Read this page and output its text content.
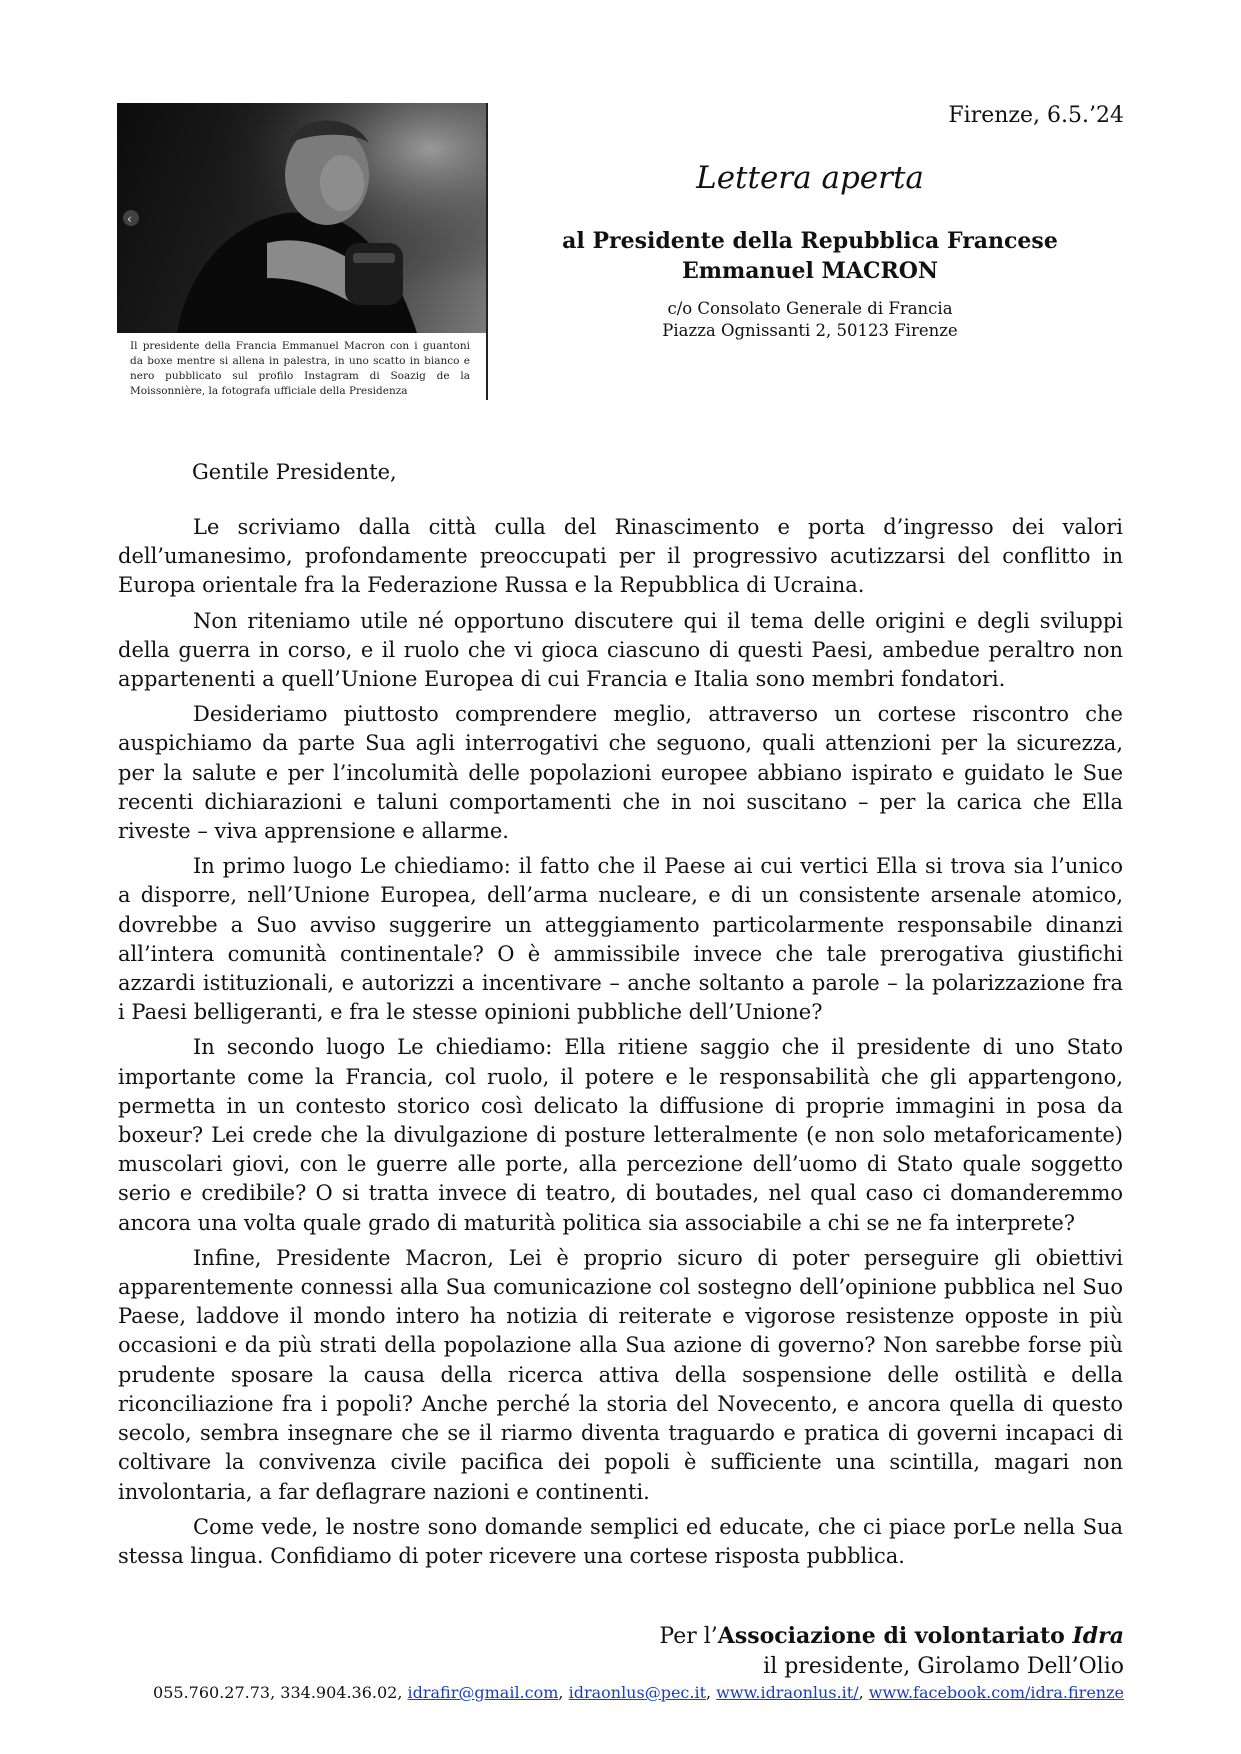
‹
Il presidente della Francia Emmanuel Macron con i guantoni da boxe mentre si allena in palestra, in uno scatto in bianco e nero pubblicato sul profilo Instagram di Soazig de la Moissonnière, la fotografa ufficiale della Presidenza
Firenze, 6.5.’24
Lettera aperta
al Presidente della Repubblica Francese
Emmanuel MACRON
c/o Consolato Generale di Francia
Piazza Ognissanti 2, 50123 Firenze
Gentile Presidente,

Le scriviamo dalla città culla del Rinascimento e porta d’ingresso dei valori dell’umanesimo, profondamente preoccupati per il progressivo acutizzarsi del conflitto in Europa orientale fra la Federazione Russa e la Repubblica di Ucraina.

Non riteniamo utile né opportuno discutere qui il tema delle origini e degli sviluppi della guerra in corso, e il ruolo che vi gioca ciascuno di questi Paesi, ambedue peraltro non appartenenti a quell’Unione Europea di cui Francia e Italia sono membri fondatori.

Desideriamo piuttosto comprendere meglio, attraverso un cortese riscontro che auspichiamo da parte Sua agli interrogativi che seguono, quali attenzioni per la sicurezza, per la salute e per l’incolumità delle popolazioni europee abbiano ispirato e guidato le Sue recenti dichiarazioni e taluni comportamenti che in noi suscitano – per la carica che Ella riveste – viva apprensione e allarme.

In primo luogo Le chiediamo: il fatto che il Paese ai cui vertici Ella si trova sia l’unico a disporre, nell’Unione Europea, dell’arma nucleare, e di un consistente arsenale atomico, dovrebbe a Suo avviso suggerire un atteggiamento particolarmente responsabile dinanzi all’intera comunità continentale? O è ammissibile invece che tale prerogativa giustifichi azzardi istituzionali, e autorizzi a incentivare – anche soltanto a parole – la polarizzazione fra i Paesi belligeranti, e fra le stesse opinioni pubbliche dell’Unione?

In secondo luogo Le chiediamo: Ella ritiene saggio che il presidente di uno Stato importante come la Francia, col ruolo, il potere e le responsabilità che gli appartengono, permetta in un contesto storico così delicato la diffusione di proprie immagini in posa da boxeur? Lei crede che la divulgazione di posture letteralmente (e non solo metaforicamente) muscolari giovi, con le guerre alle porte, alla percezione dell’uomo di Stato quale soggetto serio e credibile? O si tratta invece di teatro, di boutades, nel qual caso ci domanderemmo ancora una volta quale grado di maturità politica sia associabile a chi se ne fa interprete?

Infine, Presidente Macron, Lei è proprio sicuro di poter perseguire gli obiettivi apparentemente connessi alla Sua comunicazione col sostegno dell’opinione pubblica nel Suo Paese, laddove il mondo intero ha notizia di reiterate e vigorose resistenze opposte in più occasioni e da più strati della popolazione alla Sua azione di governo? Non sarebbe forse più prudente sposare la causa della ricerca attiva della sospensione delle ostilità e della riconciliazione fra i popoli? Anche perché la storia del Novecento, e ancora quella di questo secolo, sembra insegnare che se il riarmo diventa traguardo e pratica di governi incapaci di coltivare la convivenza civile pacifica dei popoli è sufficiente una scintilla, magari non involontaria, a far deflagrare nazioni e continenti.

Come vede, le nostre sono domande semplici ed educate, che ci piace porLe nella Sua stessa lingua. Confidiamo di poter ricevere una cortese risposta pubblica.

Per l’Associazione di volontariato Idra
il presidente, Girolamo Dell’Olio
055.760.27.73, 334.904.36.02, idrafir@gmail.com, idraonlus@pec.it, www.idraonlus.it/, www.facebook.com/idra.firenze
